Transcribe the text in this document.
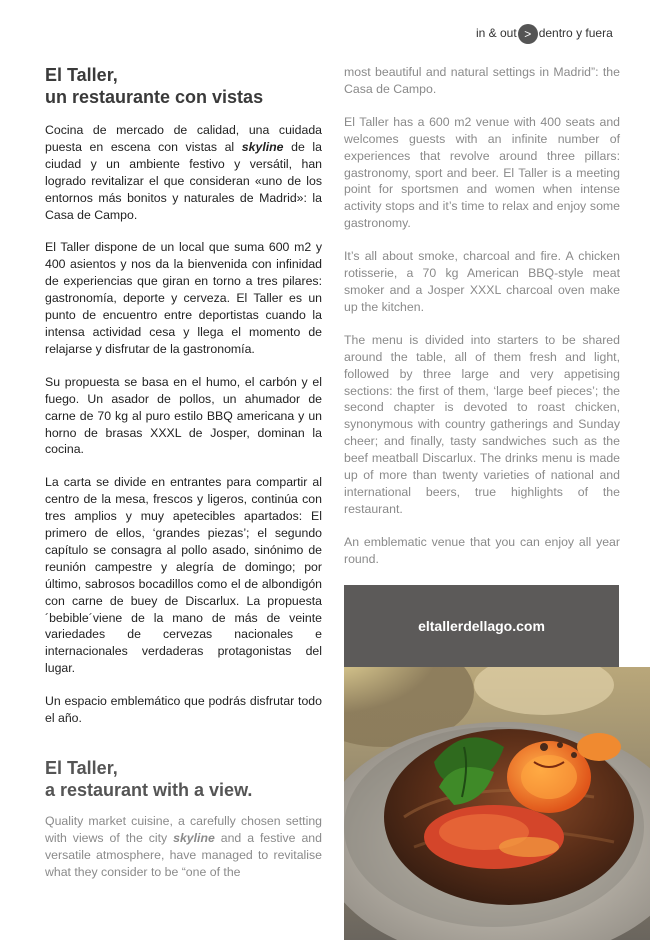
in & out > dentro y fuera
El Taller,
un restaurante con vistas

Cocina de mercado de calidad, una cuidada puesta en escena con vistas al skyline de la ciudad y un ambiente festivo y versátil, han logrado revitalizar el que consideran «uno de los entornos más bonitos y naturales de Madrid»: la Casa de Campo.

El Taller dispone de un local que suma 600 m2 y 400 asientos y nos da la bienvenida con infinidad de experiencias que giran en torno a tres pilares: gastronomía, deporte y cerveza. El Taller es un punto de encuentro entre deportistas cuando la intensa actividad cesa y llega el momento de relajarse y disfrutar de la gastronomía.

Su propuesta se basa en el humo, el carbón y el fuego. Un asador de pollos, un ahumador de carne de 70 kg al puro estilo BBQ americana y un horno de brasas XXXL de Josper, dominan la cocina.

La carta se divide en entrantes para compartir al centro de la mesa, frescos y ligeros, continúa con tres amplios y muy apetecibles apartados: El primero de ellos, ‘grandes piezas’; el segundo capítulo se consagra al pollo asado, sinónimo de reunión campestre y alegría de domingo; por último, sabrosos bocadillos como el de albondigón con carne de buey de Discarlux. La propuesta ´bebible´viene de la mano de más de veinte variedades de cervezas nacionales e internacionales verdaderas protagonistas del lugar.

Un espacio emblemático que podrás disfrutar todo el año.

El Taller,
a restaurant with a view.

Quality market cuisine, a carefully chosen setting with views of the city skyline and a festive and versatile atmosphere, have managed to revitalise what they consider to be “one of the

most beautiful and natural settings in Madrid”: the Casa de Campo.

El Taller has a 600 m2 venue with 400 seats and welcomes guests with an infinite number of experiences that revolve around three pillars: gastronomy, sport and beer. El Taller is a meeting point for sportsmen and women when intense activity stops and it’s time to relax and enjoy some gastronomy.

It’s all about smoke, charcoal and fire. A chicken rotisserie, a 70 kg American BBQ-style meat smoker and a Josper XXXL charcoal oven make up the kitchen.

The menu is divided into starters to be shared around the table, all of them fresh and light, followed by three large and very appetising sections: the first of them, ‘large beef pieces’; the second chapter is devoted to roast chicken, synonymous with country gatherings and Sunday cheer; and finally, tasty sandwiches such as the beef meatball Discarlux. The drinks menu is made up of more than twenty varieties of national and international beers, true highlights of the restaurant.

An emblematic venue that you can enjoy all year round.

eltallerdellago.com
